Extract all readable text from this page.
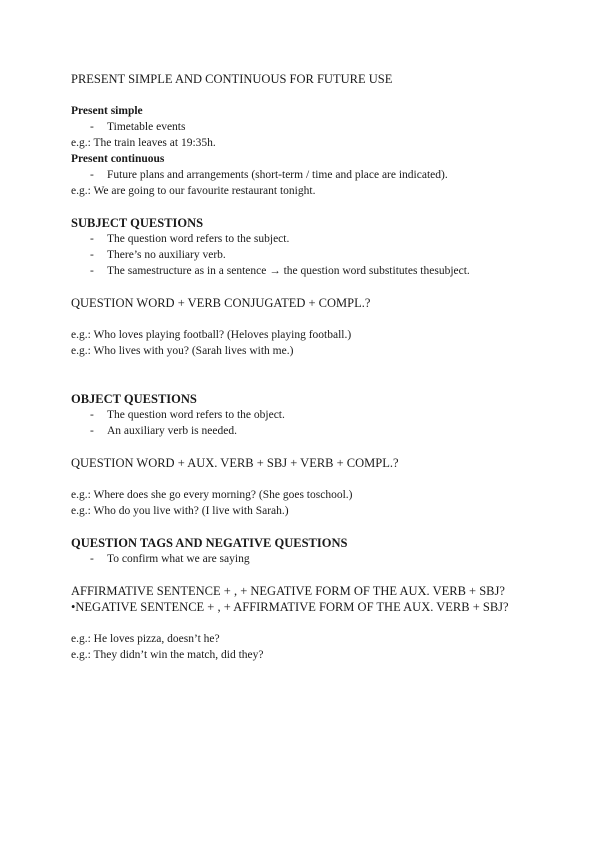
PRESENT SIMPLE AND CONTINUOUS FOR FUTURE USE
Present simple
- Timetable events
e.g.: The train leaves at 19:35h.
Present continuous
- Future plans and arrangements (short-term / time and place are indicated).
e.g.: We are going to our favourite restaurant tonight.
SUBJECT QUESTIONS
- The question word refers to the subject.
- There’s no auxiliary verb.
- The samestructure as in a sentence → the question word substitutes thesubject.
QUESTION WORD + VERB CONJUGATED + COMPL.?
e.g.: Who loves playing football? (Heloves playing football.)
e.g.: Who lives with you? (Sarah lives with me.)
OBJECT QUESTIONS
- The question word refers to the object.
- An auxiliary verb is needed.
QUESTION WORD + AUX. VERB + SBJ + VERB + COMPL.?
e.g.: Where does she go every morning? (She goes toschool.)
e.g.: Who do you live with? (I live with Sarah.)
QUESTION TAGS AND NEGATIVE QUESTIONS
- To confirm what we are saying
AFFIRMATIVE SENTENCE + , + NEGATIVE FORM OF THE AUX. VERB + SBJ?
•NEGATIVE SENTENCE + , + AFFIRMATIVE FORM OF THE AUX. VERB + SBJ?
e.g.: He loves pizza, doesn’t he?
e.g.: They didn’t win the match, did they?
